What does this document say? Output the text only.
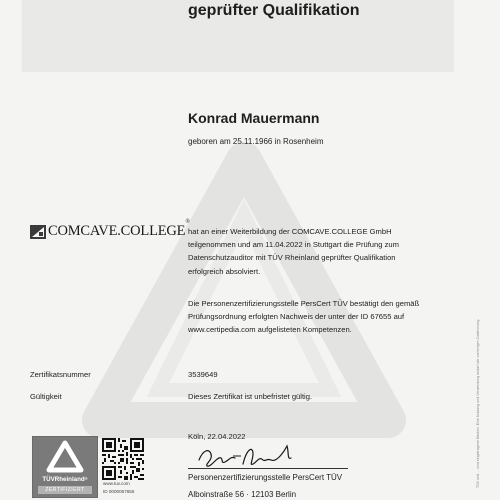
geprüfter Qualifikation
Konrad Mauermann
geboren am 25.11.1966 in Rosenheim
COMCAVE.COLLEGE®
hat an einer Weiterbildung der COMCAVE.COLLEGE GmbH
teilgenommen und am 11.04.2022 in Stuttgart die Prüfung zum
Datenschutzauditor mit TÜV Rheinland geprüfter Qualifikation
erfolgreich absolviert.
Die Personenzertifizierungsstelle PersCert TÜV bestätigt den gemäß
Prüfungsordnung erfolgten Nachweis der unter der ID 67655 auf
www.certipedia.com aufgelisteten Kompetenzen.
Zertifikatsnummer	3539649
Gültigkeit	Dieses Zertifikat ist unbefristet gültig.
TÜVRheinland®
ZERTIFIZIERT
www.tuv.com
ID 0000067655
Köln, 22.04.2022
Personenzertifizierungsstelle PersCert TÜV
Alboinstraße 56 · 12103 Berlin
TÜV und ... sind eingetragene Marken. Eine Nutzung und Verwendung bedarf der vorherigen Zustimmung.
